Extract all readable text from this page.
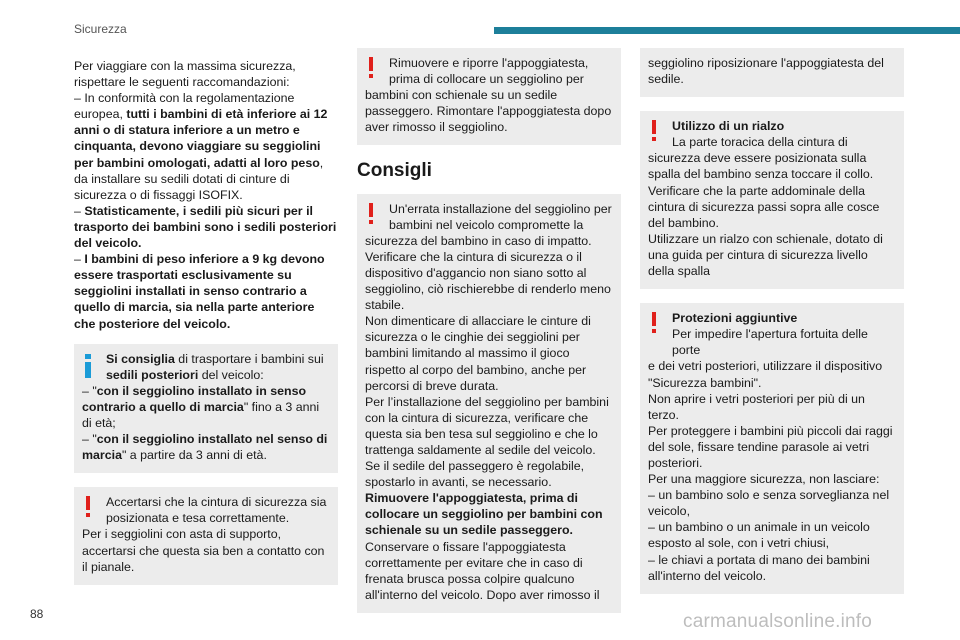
Sicurezza

Per viaggiare con la massima sicurezza, rispettare le seguenti raccomandazioni:

– In conformità con la regolamentazione europea, tutti i bambini di età inferiore ai 12 anni o di statura inferiore a un metro e cinquanta, devono viaggiare su seggiolini per bambini omologati, adatti al loro peso, da installare su sedili dotati di cinture di sicurezza o di fissaggi ISOFIX.

– Statisticamente, i sedili più sicuri per il trasporto dei bambini sono i sedili posteriori del veicolo.

– I bambini di peso inferiore a 9 kg devono essere trasportati esclusivamente su seggiolini installati in senso contrario a quello di marcia, sia nella parte anteriore che posteriore del veicolo.

Si consiglia di trasportare i bambini sui sedili posteriori del veicolo:

– "con il seggiolino installato in senso contrario a quello di marcia" fino a 3 anni di età;

– "con il seggiolino installato nel senso di marcia" a partire da 3 anni di età.

Accertarsi che la cintura di sicurezza sia posizionata e tesa correttamente.

Per i seggiolini con asta di supporto, accertarsi che questa sia ben a contatto con il pianale.

Rimuovere e riporre l'appoggiatesta, prima di collocare un seggiolino per

bambini con schienale su un sedile passeggero. Rimontare l'appoggiatesta dopo aver rimosso il seggiolino.

Consigli

Un'errata installazione del seggiolino per bambini nel veicolo compromette la

sicurezza del bambino in caso di impatto.

Verificare che la cintura di sicurezza o il dispositivo d'aggancio non siano sotto al seggiolino, ciò rischierebbe di renderlo meno stabile.

Non dimenticare di allacciare le cinture di sicurezza o le cinghie dei seggiolini per bambini limitando al massimo il gioco rispetto al corpo del bambino, anche per percorsi di breve durata.

Per l’installazione del seggiolino per bambini con la cintura di sicurezza, verificare che questa sia ben tesa sul seggiolino e che lo trattenga saldamente al sedile del veicolo.

Se il sedile del passeggero è regolabile, spostarlo in avanti, se necessario.

Rimuovere l'appoggiatesta, prima di collocare un seggiolino per bambini con schienale su un sedile passeggero.

Conservare o fissare l'appoggiatesta correttamente per evitare che in caso di frenata brusca possa colpire qualcuno all'interno del veicolo. Dopo aver rimosso il

seggiolino riposizionare l'appoggiatesta del sedile.

Utilizzo di un rialzo

La parte toracica della cintura di

sicurezza deve essere posizionata sulla spalla del bambino senza toccare il collo.

Verificare che la parte addominale della cintura di sicurezza passi sopra alle cosce del bambino.

Utilizzare un rialzo con schienale, dotato di una guida per cintura di sicurezza livello della spalla

Protezioni aggiuntive

Per impedire l'apertura fortuita delle porte

e dei vetri posteriori, utilizzare il dispositivo "Sicurezza bambini".

Non aprire i vetri posteriori per più di un terzo.

Per proteggere i bambini più piccoli dai raggi del sole, fissare tendine parasole ai vetri posteriori.

Per una maggiore sicurezza, non lasciare:

– un bambino solo e senza sorveglianza nel veicolo,

– un bambino o un animale in un veicolo esposto al sole, con i vetri chiusi,

– le chiavi a portata di mano dei bambini all'interno del veicolo.

88	carmanualsonline.info
